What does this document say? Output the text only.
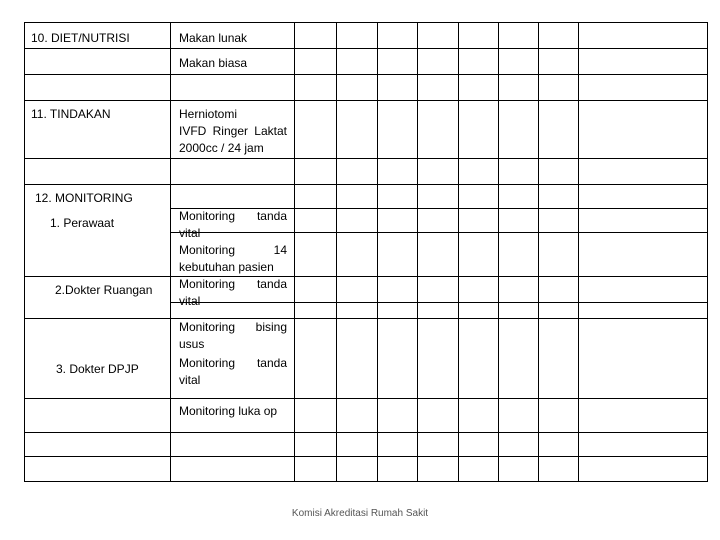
10. DIET/NUTRISI
11. TINDAKAN
12. MONITORING
1. Perawaat
2.Dokter Ruangan
3. Dokter DPJP
Makan lunak
Makan biasa
Herniotomi
IVFD Ringer Laktat
2000cc / 24 jam
Monitoring tanda
vital
Monitoring 14
kebutuhan pasien
Monitoring tanda
vital
Monitoring bising
usus
Monitoring tanda
vital
Monitoring luka op
Komisi Akreditasi Rumah Sakit
